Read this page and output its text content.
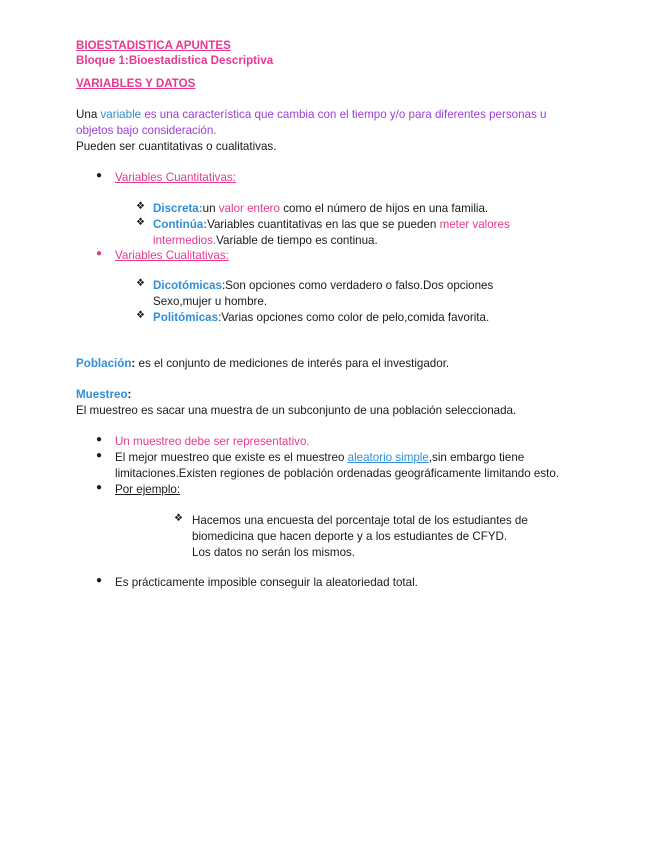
BIOESTADISTICA APUNTES
Bloque 1:Bioestadistica Descriptiva
VARIABLES Y DATOS
Una variable es una característica que cambia con el tiempo y/o para diferentes personas u
objetos bajo consideración.
Pueden ser cuantitativas o cualitativas.
● Variables Cuantitativas:
❖ Discreta:un valor entero como el número de hijos en una familia.
❖ Continúa:Variables cuantitativas en las que se pueden meter valores
intermedios.Variable de tiempo es continua.
● Variables Cualitativas:
❖ Dicotómicas:Son opciones como verdadero o falso.Dos opciones
Sexo,mujer u hombre.
❖ Politómicas:Varias opciones como color de pelo,comida favorita.
Población: es el conjunto de mediciones de interés para el investigador.
Muestreo:
El muestreo es sacar una muestra de un subconjunto de una población seleccionada.
● Un muestreo debe ser representativo.
● El mejor muestreo que existe es el muestreo aleatorio simple,sin embargo tiene
limitaciones.Existen regiones de población ordenadas geográficamente limitando esto.
● Por ejemplo:
❖ Hacemos una encuesta del porcentaje total de los estudiantes de
biomedicina que hacen deporte y a los estudiantes de CFYD.
Los datos no serán los mismos.
● Es prácticamente imposible conseguir la aleatoriedad total.
